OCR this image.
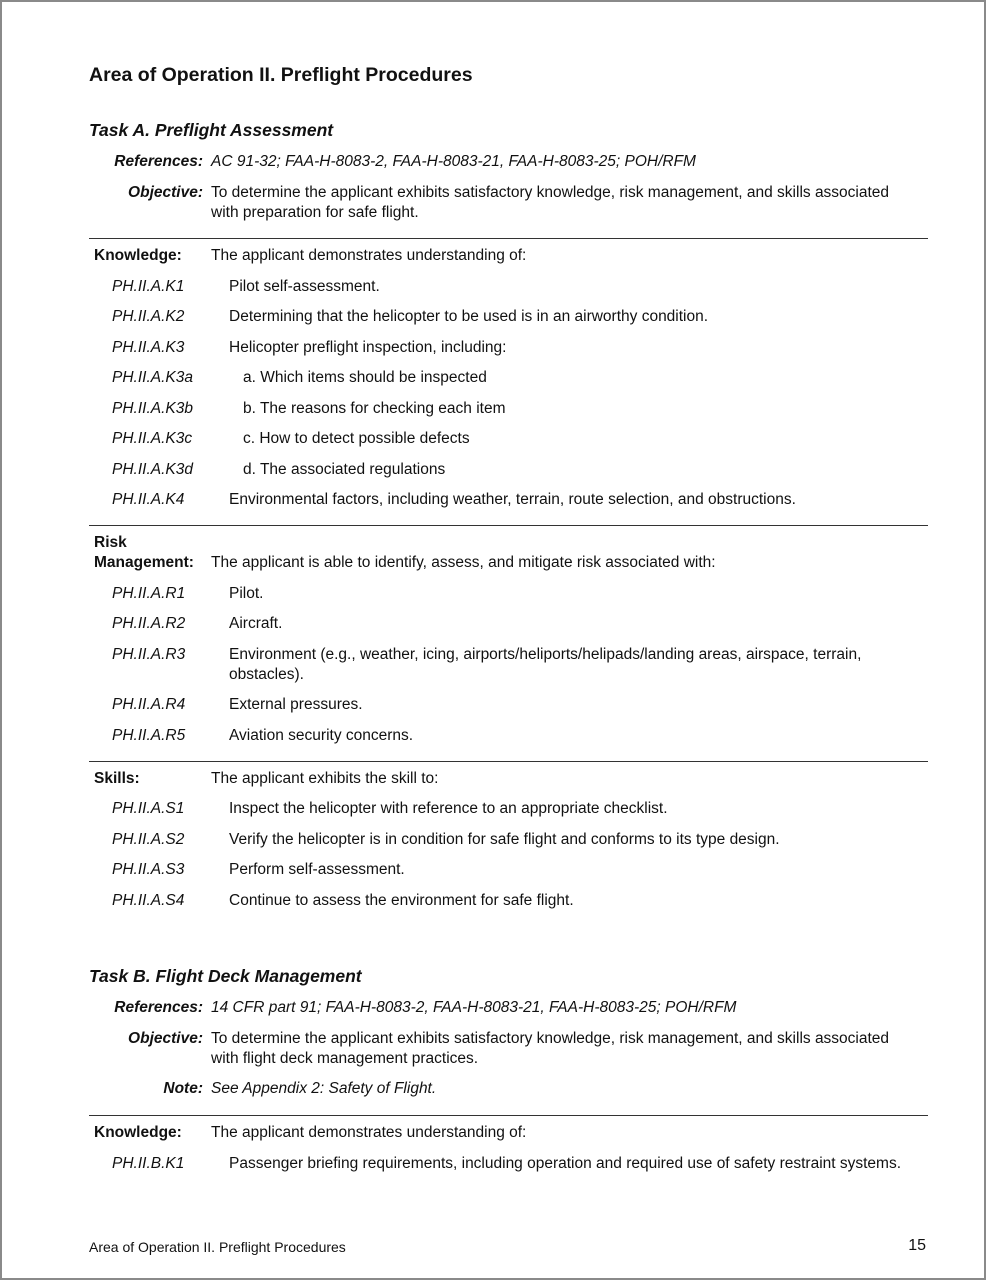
Area of Operation II. Preflight Procedures
Task A. Preflight Assessment
References: AC 91-32; FAA-H-8083-2, FAA-H-8083-21, FAA-H-8083-25; POH/RFM
Objective: To determine the applicant exhibits satisfactory knowledge, risk management, and skills associated with preparation for safe flight.
Knowledge: The applicant demonstrates understanding of:
PH.II.A.K1	Pilot self-assessment.
PH.II.A.K2	Determining that the helicopter to be used is in an airworthy condition.
PH.II.A.K3	Helicopter preflight inspection, including:
PH.II.A.K3a	a. Which items should be inspected
PH.II.A.K3b	b. The reasons for checking each item
PH.II.A.K3c	c. How to detect possible defects
PH.II.A.K3d	d. The associated regulations
PH.II.A.K4	Environmental factors, including weather, terrain, route selection, and obstructions.
Risk
Management: The applicant is able to identify, assess, and mitigate risk associated with:
PH.II.A.R1	Pilot.
PH.II.A.R2	Aircraft.
PH.II.A.R3	Environment (e.g., weather, icing, airports/heliports/helipads/landing areas, airspace, terrain, obstacles).
PH.II.A.R4	External pressures.
PH.II.A.R5	Aviation security concerns.
Skills:	The applicant exhibits the skill to:
PH.II.A.S1	Inspect the helicopter with reference to an appropriate checklist.
PH.II.A.S2	Verify the helicopter is in condition for safe flight and conforms to its type design.
PH.II.A.S3	Perform self-assessment.
PH.II.A.S4	Continue to assess the environment for safe flight.
Task B. Flight Deck Management
References: 14 CFR part 91; FAA-H-8083-2, FAA-H-8083-21, FAA-H-8083-25; POH/RFM
Objective: To determine the applicant exhibits satisfactory knowledge, risk management, and skills associated with flight deck management practices.
Note: See Appendix 2: Safety of Flight.
Knowledge: The applicant demonstrates understanding of:
PH.II.B.K1	Passenger briefing requirements, including operation and required use of safety restraint systems.
Area of Operation II. Preflight Procedures	15
